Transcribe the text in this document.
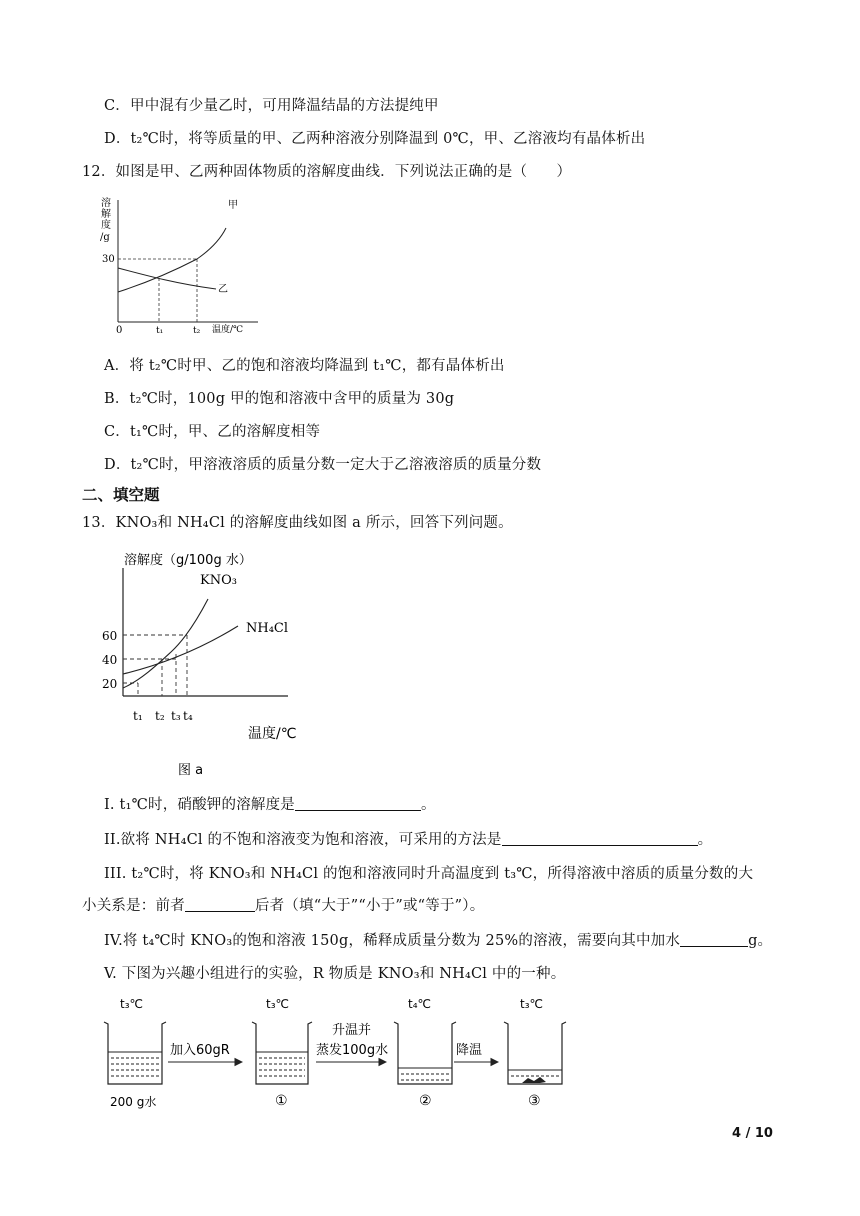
C．甲中混有少量乙时，可用降温结晶的方法提纯甲
D．t₂℃时，将等质量的甲、乙两种溶液分别降温到 0℃，甲、乙溶液均有晶体析出
12．如图是甲、乙两种固体物质的溶解度曲线．下列说法正确的是（　　）
溶
解
度
/g
30
0	t₁	t₂ 温度/℃
甲
乙
A．将 t₂℃时甲、乙的饱和溶液均降温到 t₁℃，都有晶体析出
B．t₂℃时，100g 甲的饱和溶液中含甲的质量为 30g
C．t₁℃时，甲、乙的溶解度相等
D．t₂℃时，甲溶液溶质的质量分数一定大于乙溶液溶质的质量分数
二、填空题
13．KNO₃和 NH₄Cl 的溶解度曲线如图 a 所示，回答下列问题。
溶解度（g/100g 水）
60
40
20
KNO₃
NH₄Cl
t₁ t₂ t₃ t₄
温度/℃
图 a
I. t₁℃时，硝酸钾的溶解度是	。
II.欲将 NH₄Cl 的不饱和溶液变为饱和溶液，可采用的方法是	。
III. t₂℃时，将 KNO₃和 NH₄Cl 的饱和溶液同时升高温度到 t₃℃，所得溶液中溶质的质量分数的大
小关系是：前者	后者（填“大于”“小于”或“等于”）。
IV.将 t₄℃时 KNO₃的饱和溶液 150g，稀释成质量分数为 25%的溶液，需要向其中加水	g。
V. 下图为兴趣小组进行的实验，R 物质是 KNO₃和 NH₄Cl 中的一种。
t₃℃
200 g水
加入60gR
t₃℃
①
升温并
蒸发100g水
t₄℃
②
降温
t₃℃
③
4 / 10
